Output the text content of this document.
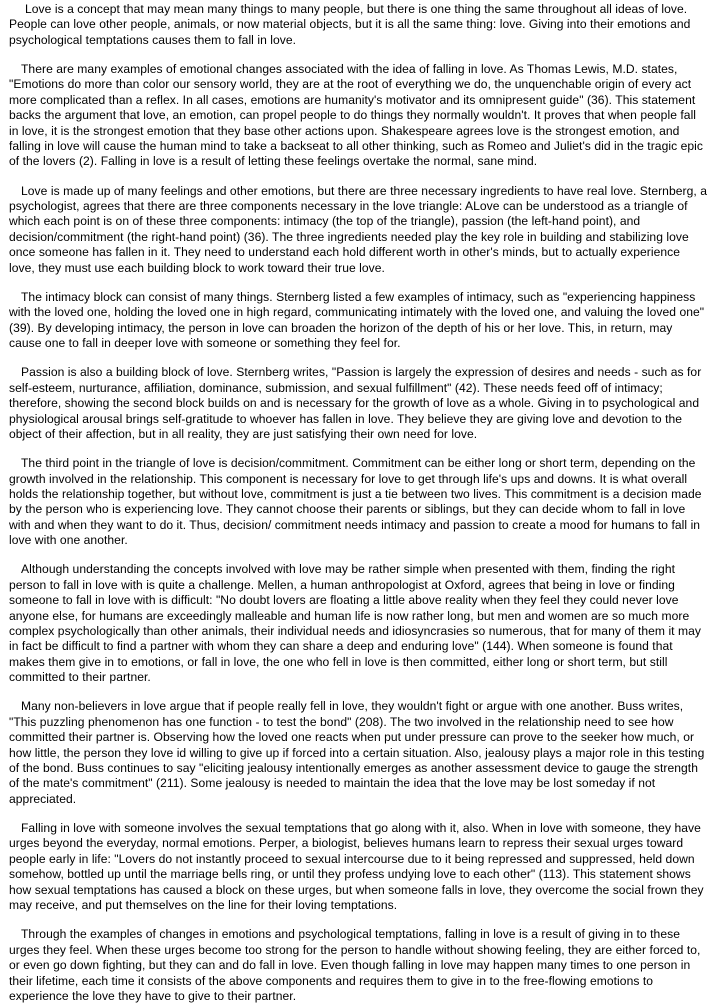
Love is a concept that may mean many things to many people, but there is one thing the same throughout all ideas of love. People can love other people, animals, or now material objects, but it is all the same thing: love. Giving into their emotions and psychological temptations causes them to fall in love.

There are many examples of emotional changes associated with the idea of falling in love. As Thomas Lewis, M.D. states, "Emotions do more than color our sensory world, they are at the root of everything we do, the unquenchable origin of every act more complicated than a reflex. In all cases, emotions are humanity's motivator and its omnipresent guide" (36). This statement backs the argument that love, an emotion, can propel people to do things they normally wouldn't. It proves that when people fall in love, it is the strongest emotion that they base other actions upon. Shakespeare agrees love is the strongest emotion, and falling in love will cause the human mind to take a backseat to all other thinking, such as Romeo and Juliet's did in the tragic epic of the lovers (2). Falling in love is a result of letting these feelings overtake the normal, sane mind.

Love is made up of many feelings and other emotions, but there are three necessary ingredients to have real love. Sternberg, a psychologist, agrees that there are three components necessary in the love triangle: ALove can be understood as a triangle of which each point is on of these three components: intimacy (the top of the triangle), passion (the left-hand point), and decision/commitment (the right-hand point) (36). The three ingredients needed play the key role in building and stabilizing love once someone has fallen in it. They need to understand each hold different worth in other's minds, but to actually experience love, they must use each building block to work toward their true love.

The intimacy block can consist of many things. Sternberg listed a few examples of intimacy, such as "experiencing happiness with the loved one, holding the loved one in high regard, communicating intimately with the loved one, and valuing the loved one" (39). By developing intimacy, the person in love can broaden the horizon of the depth of his or her love. This, in return, may cause one to fall in deeper love with someone or something they feel for.

Passion is also a building block of love. Sternberg writes, "Passion is largely the expression of desires and needs - such as for self-esteem, nurturance, affiliation, dominance, submission, and sexual fulfillment" (42). These needs feed off of intimacy; therefore, showing the second block builds on and is necessary for the growth of love as a whole. Giving in to psychological and physiological arousal brings self-gratitude to whoever has fallen in love. They believe they are giving love and devotion to the object of their affection, but in all reality, they are just satisfying their own need for love.

The third point in the triangle of love is decision/commitment. Commitment can be either long or short term, depending on the growth involved in the relationship. This component is necessary for love to get through life's ups and downs. It is what overall holds the relationship together, but without love, commitment is just a tie between two lives. This commitment is a decision made by the person who is experiencing love. They cannot choose their parents or siblings, but they can decide whom to fall in love with and when they want to do it. Thus, decision/ commitment needs intimacy and passion to create a mood for humans to fall in love with one another.

Although understanding the concepts involved with love may be rather simple when presented with them, finding the right person to fall in love with is quite a challenge. Mellen, a human anthropologist at Oxford, agrees that being in love or finding someone to fall in love with is difficult: "No doubt lovers are floating a little above reality when they feel they could never love anyone else, for humans are exceedingly malleable and human life is now rather long, but men and women are so much more complex psychologically than other animals, their individual needs and idiosyncrasies so numerous, that for many of them it may in fact be difficult to find a partner with whom they can share a deep and enduring love" (144). When someone is found that makes them give in to emotions, or fall in love, the one who fell in love is then committed, either long or short term, but still committed to their partner.

Many non-believers in love argue that if people really fell in love, they wouldn't fight or argue with one another. Buss writes, "This puzzling phenomenon has one function - to test the bond" (208). The two involved in the relationship need to see how committed their partner is. Observing how the loved one reacts when put under pressure can prove to the seeker how much, or how little, the person they love id willing to give up if forced into a certain situation. Also, jealousy plays a major role in this testing of the bond. Buss continues to say "eliciting jealousy intentionally emerges as another assessment device to gauge the strength of the mate's commitment" (211). Some jealousy is needed to maintain the idea that the love may be lost someday if not appreciated.

Falling in love with someone involves the sexual temptations that go along with it, also. When in love with someone, they have urges beyond the everyday, normal emotions. Perper, a biologist, believes humans learn to repress their sexual urges toward people early in life: "Lovers do not instantly proceed to sexual intercourse due to it being repressed and suppressed, held down somehow, bottled up until the marriage bells ring, or until they profess undying love to each other" (113). This statement shows how sexual temptations has caused a block on these urges, but when someone falls in love, they overcome the social frown they may receive, and put themselves on the line for their loving temptations.

Through the examples of changes in emotions and psychological temptations, falling in love is a result of giving in to these urges they feel. When these urges become too strong for the person to handle without showing feeling, they are either forced to, or even go down fighting, but they can and do fall in love. Even though falling in love may happen many times to one person in their lifetime, each time it consists of the above components and requires them to give in to the free-flowing emotions to experience the love they have to give to their partner.
